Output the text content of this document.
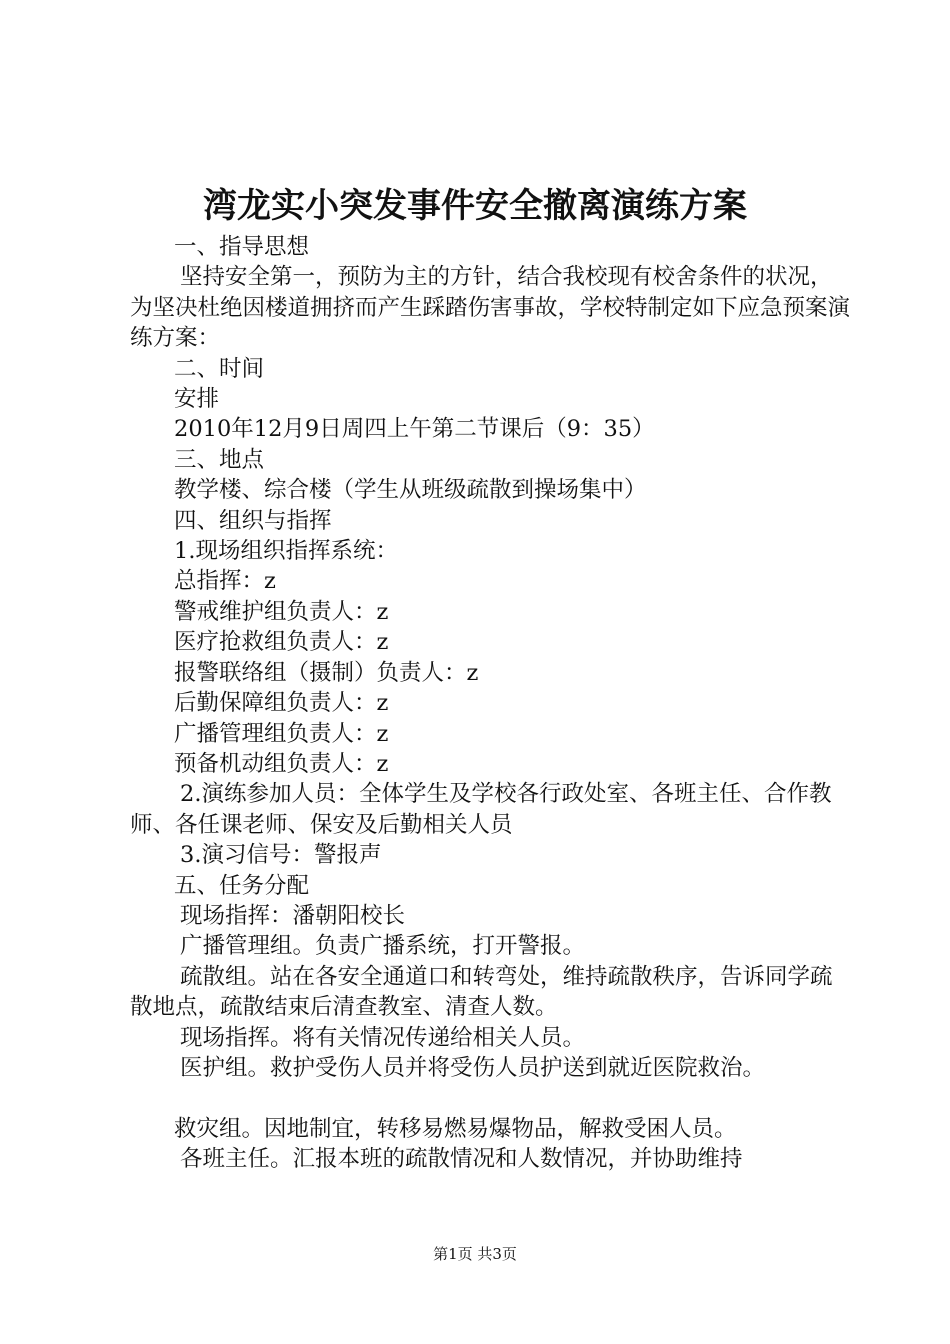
湾龙实小突发事件安全撤离演练方案

一、指导思想

坚持安全第一，预防为主的方针，结合我校现有校舍条件的状况，为坚决杜绝因楼道拥挤而产生踩踏伤害事故，学校特制定如下应急预案演练方案：

二、时间

安排

2010年12月9日周四上午第二节课后（9：35）

三、地点

教学楼、综合楼（学生从班级疏散到操场集中）

四、组织与指挥

1.现场组织指挥系统：

总指挥：z

警戒维护组负责人：z

医疗抢救组负责人：z

报警联络组（摄制）负责人：z

后勤保障组负责人：z

广播管理组负责人：z

预备机动组负责人：z

2.演练参加人员：全体学生及学校各行政处室、各班主任、合作教师、各任课老师、保安及后勤相关人员

3.演习信号：警报声

五、任务分配

现场指挥：潘朝阳校长

广播管理组。负责广播系统，打开警报。

疏散组。站在各安全通道口和转弯处，维持疏散秩序，告诉同学疏散地点，疏散结束后清查教室、清查人数。

现场指挥。将有关情况传递给相关人员。

医护组。救护受伤人员并将受伤人员护送到就近医院救治。

救灾组。因地制宜，转移易燃易爆物品，解救受困人员。

各班主任。汇报本班的疏散情况和人数情况，并协助维持

第1页 共3页
